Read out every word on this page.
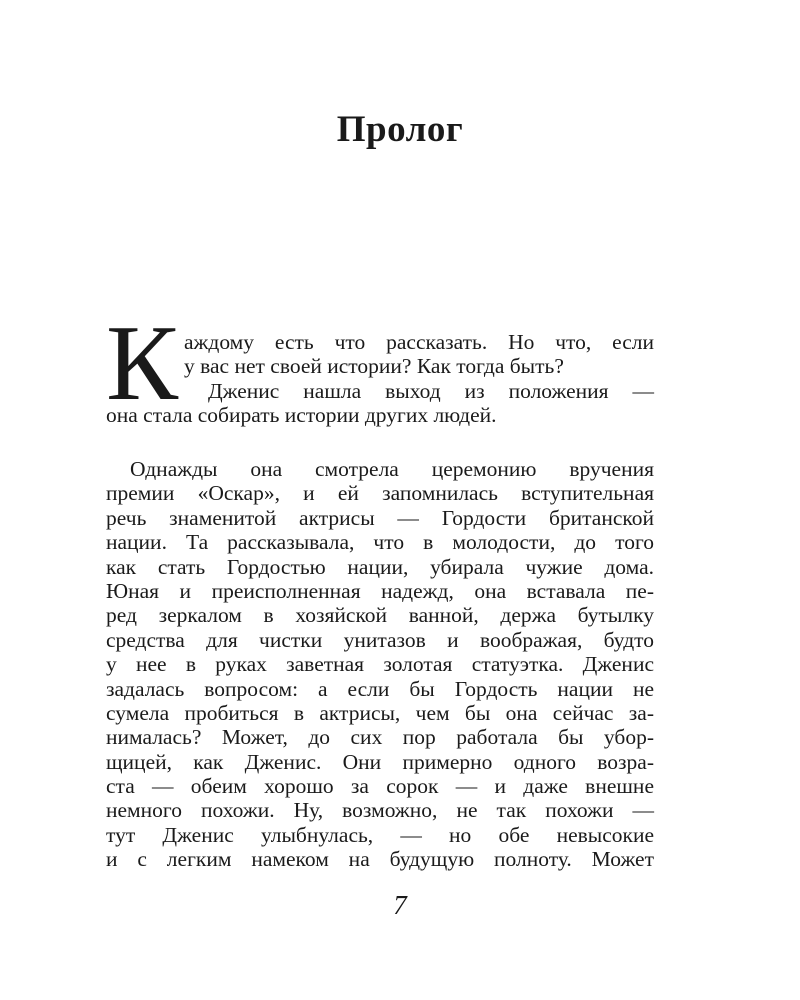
Пролог
К аждому есть что рассказать. Но что, если
у вас нет своей истории? Как тогда быть?
Дженис нашла выход из положения —
она стала собирать истории других людей.
Однажды она смотрела церемонию вручения
премии «Оскар», и ей запомнилась вступительная
речь знаменитой актрисы — Гордости британской
нации. Та рассказывала, что в молодости, до того
как стать Гордостью нации, убирала чужие дома.
Юная и преисполненная надежд, она вставала пе-
ред зеркалом в хозяйской ванной, держа бутылку
средства для чистки унитазов и воображая, будто
у нее в руках заветная золотая статуэтка. Дженис
задалась вопросом: а если бы Гордость нации не
сумела пробиться в актрисы, чем бы она сейчас за-
нималась? Может, до сих пор работала бы убор-
щицей, как Дженис. Они примерно одного возра-
ста — обеим хорошо за сорок — и даже внешне
немного похожи. Ну, возможно, не так похожи —
тут Дженис улыбнулась, — но обе невысокие
и с легким намеком на будущую полноту. Может
7
